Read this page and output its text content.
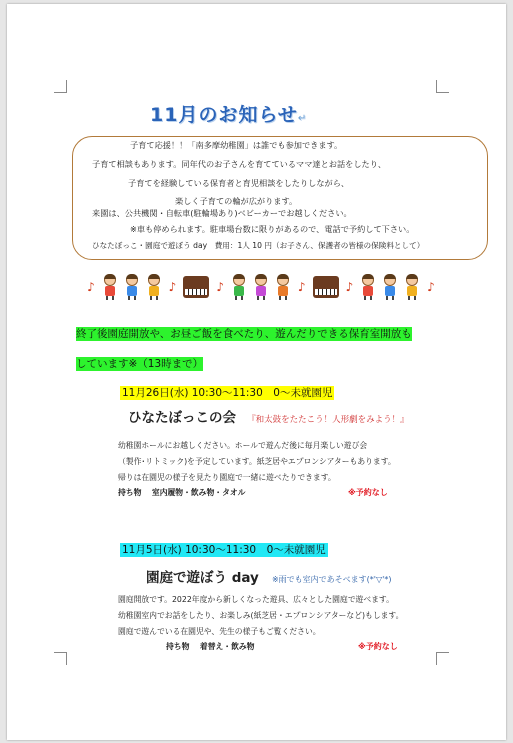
11月のお知らせ↵
子育て応援！！「南多摩幼稚園」は誰でも参加できます。
子育て相談もあります。同年代のお子さんを育てているママ達とお話をしたり、
子育てを経験している保育者と育児相談をしたりしながら、
楽しく子育ての輪が広がります。
来園は、公共機関・自転車(駐輪場あり)ベビーカーでお越しください。
※車も停められます。駐車場台数に限りがあるので、電話で予約して下さい。
ひなたぼっこ・園庭で遊ぼう day　費用：1人 10 円（お子さん、保護者の皆様の保険料として）
♪	♪	♪	♪	♪	♪
終了後園庭開放や、お昼ご飯を食べたり、遊んだりできる保育室開放も
しています※（13時まで）
11月26日(水) 10:30～11:30　0～未就園児
ひなたぼっこの会 『和太鼓をたたこう！人形劇をみよう！』
幼稚園ホールにお越しください。ホールで遊んだ後に毎月楽しい遊び会
（製作･リトミック)を予定しています。紙芝居やエプロンシアターもあります。
帰りは在園児の様子を見たり園庭で一緒に遊べたりできます。
持ち物　 室内履物・飲み物・タオル	※予約なし
11月5日(水) 10:30～11:30　0～未就園児
園庭で遊ぼう day ※雨でも室内であそべます(*'▽'*)
園庭開放です。2022年度から新しくなった遊具、広々とした園庭で遊べます。
幼稚園室内でお話をしたり、お楽しみ(紙芝居・エプロンシアターなど)もします。
園庭で遊んでいる在園児や、先生の様子もご覧ください。
持ち物　 着替え・飲み物	※予約なし
